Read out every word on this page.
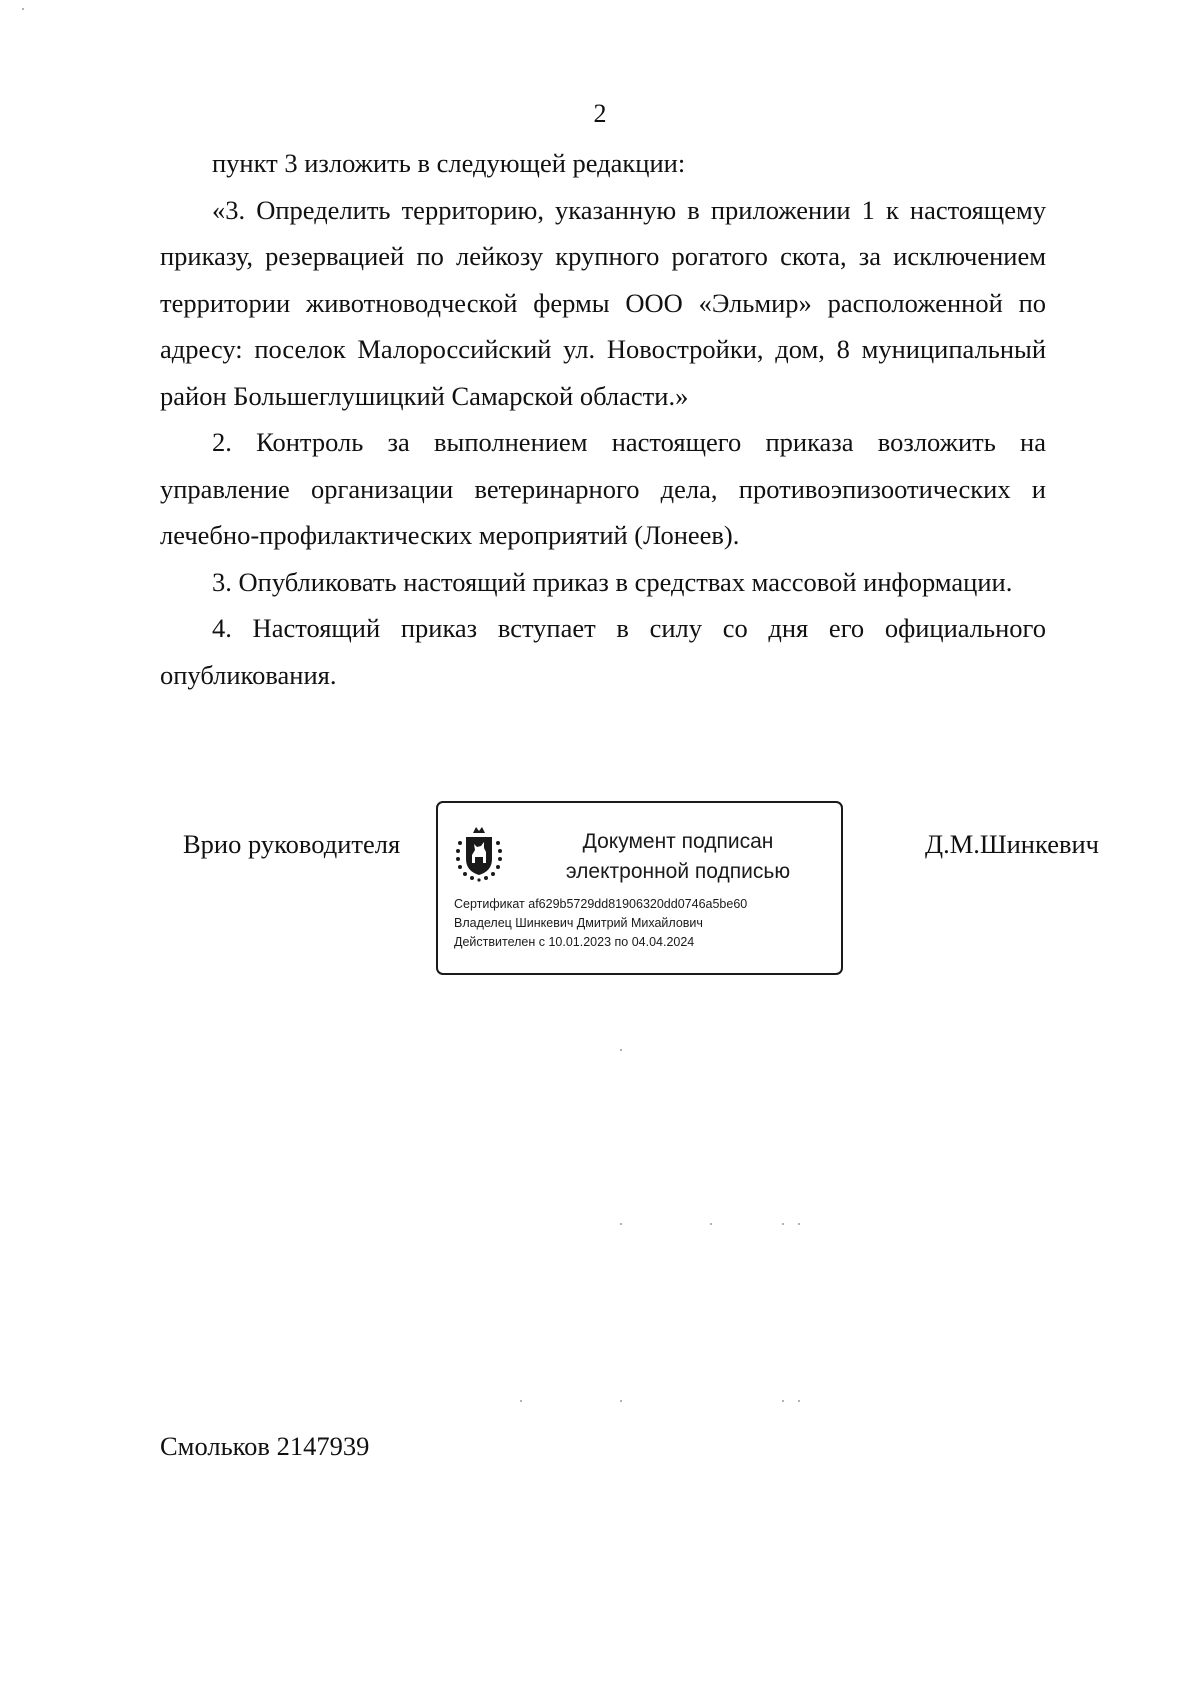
2

пункт 3 изложить в следующей редакции:

«3. Определить территорию, указанную в приложении 1 к настоящему приказу, резервацией по лейкозу крупного рогатого скота, за исключением территории животноводческой фермы ООО «Эльмир» расположенной по адресу: поселок Малороссийский ул. Новостройки, дом, 8 муниципальный район Большеглушицкий Самарской области.»

2. Контроль за выполнением настоящего приказа возложить на управление организации ветеринарного дела, противоэпизоотических и лечебно-профилактических мероприятий (Лонеев).

3. Опубликовать настоящий приказ в средствах массовой информации.

4. Настоящий приказ вступает в силу со дня его официального опубликования.

Врио руководителя	Документ подписан
электронной подписью
Сертификат af629b5729dd81906320dd0746a5be60
Владелец Шинкевич Дмитрий Михайлович
Действителен с 10.01.2023 по 04.04.2024
Д.М.Шинкевич
Смольков 2147939
